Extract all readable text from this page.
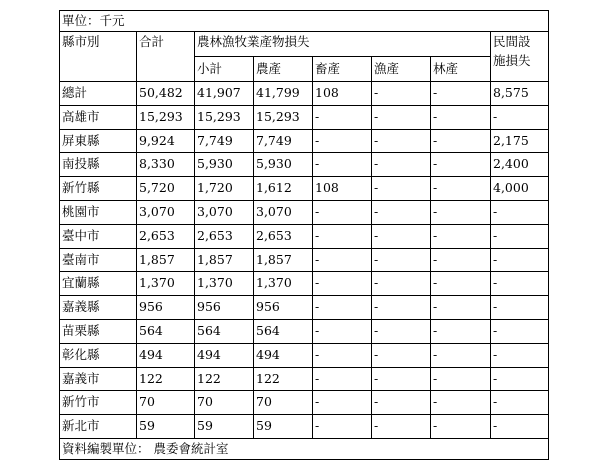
單位：千元							
縣市別	合計	農林漁牧業產物損失					民間設
施損失

		小計	農產	畜產	漁產	林產	
總計	50,482	41,907	41,799	108	-	-	8,575
高雄市	15,293	15,293	15,293	-	-	-	-
屏東縣	9,924	7,749	7,749	-	-	-	2,175
南投縣	8,330	5,930	5,930	-	-	-	2,400
新竹縣	5,720	1,720	1,612	108	-	-	4,000
桃園市	3,070	3,070	3,070	-	-	-	-
臺中市	2,653	2,653	2,653	-	-	-	-
臺南市	1,857	1,857	1,857	-	-	-	-
宜蘭縣	1,370	1,370	1,370	-	-	-	-
嘉義縣	956	956	956	-	-	-	-
苗栗縣	564	564	564	-	-	-	-
彰化縣	494	494	494	-	-	-	-
嘉義市	122	122	122	-	-	-	-
新竹市	70	70	70	-	-	-	-
新北市	59	59	59	-	-	-	-
資料編製單位： 農委會統計室							
